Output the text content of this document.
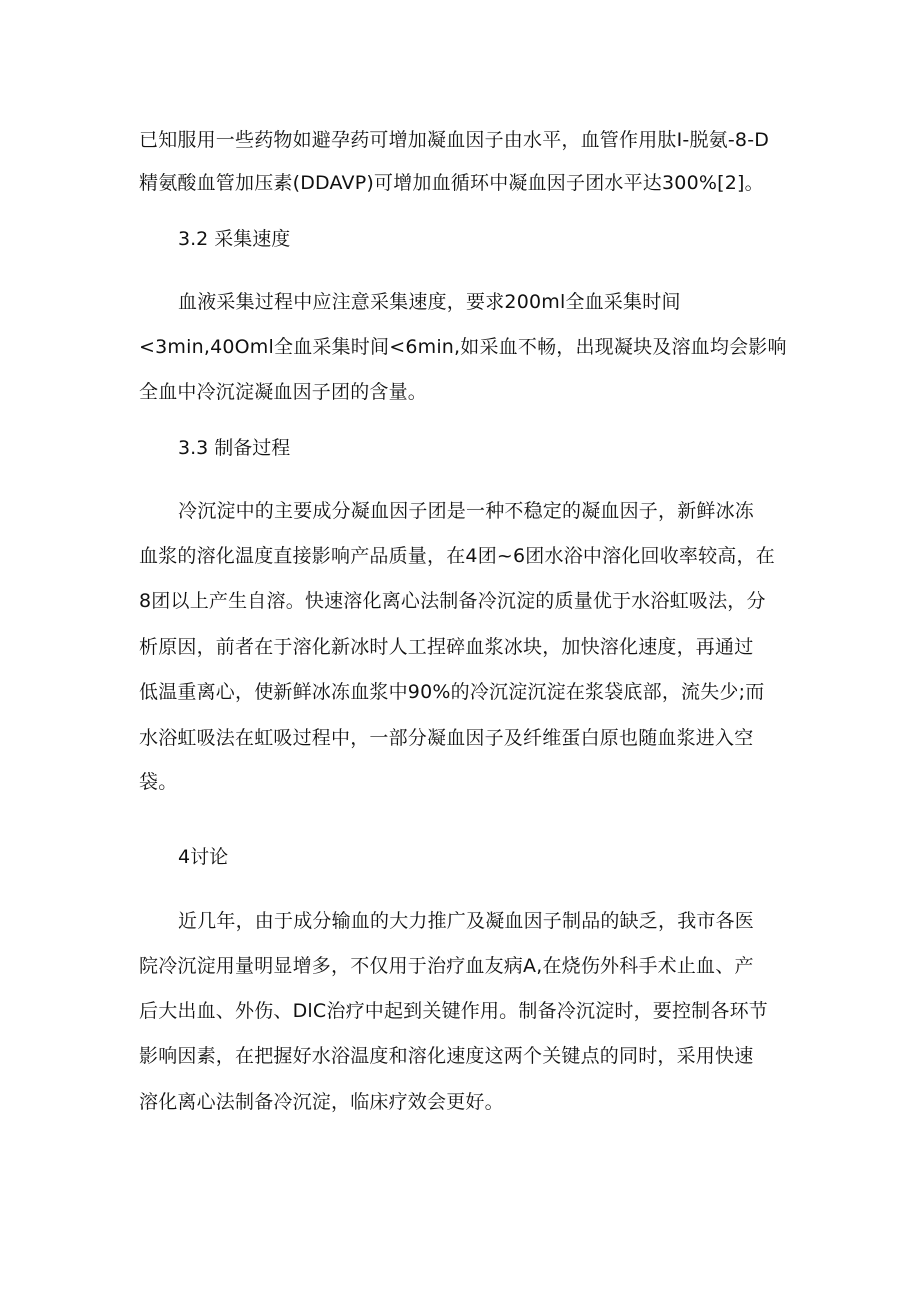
已知服用一些药物如避孕药可增加凝血因子由水平，血管作用肽I-脱氨-8-D
精氨酸血管加压素(DDAVP)可增加血循环中凝血因子团水平达300%[2]。
3.2 采集速度
血液采集过程中应注意采集速度，要求200ml全血采集时间
<3min,40Oml全血采集时间<6min,如采血不畅，出现凝块及溶血均会影响
全血中冷沉淀凝血因子团的含量。
3.3 制备过程
冷沉淀中的主要成分凝血因子团是一种不稳定的凝血因子，新鲜冰冻
血浆的溶化温度直接影响产品质量，在4团~6团水浴中溶化回收率较高，在
8团以上产生自溶。快速溶化离心法制备冷沉淀的质量优于水浴虹吸法，分
析原因，前者在于溶化新冰时人工捏碎血浆冰块，加快溶化速度，再通过
低温重离心，使新鲜冰冻血浆中90%的冷沉淀沉淀在浆袋底部，流失少;而
水浴虹吸法在虹吸过程中，一部分凝血因子及纤维蛋白原也随血浆进入空
袋。
4讨论
近几年，由于成分输血的大力推广及凝血因子制品的缺乏，我市各医
院冷沉淀用量明显增多，不仅用于治疗血友病A,在烧伤外科手术止血、产
后大出血、外伤、DlC治疗中起到关键作用。制备冷沉淀时，要控制各环节
影响因素，在把握好水浴温度和溶化速度这两个关键点的同时，采用快速
溶化离心法制备冷沉淀，临床疗效会更好。
